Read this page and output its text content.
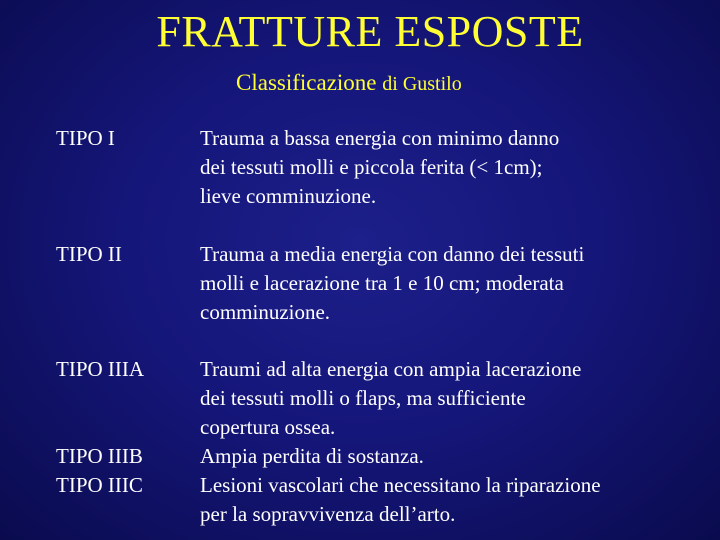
FRATTURE ESPOSTE
Classificazione di Gustilo
TIPO I	Trauma a bassa energia con minimo danno
dei tessuti molli e piccola ferita (< 1cm);
lieve comminuzione.
TIPO II	Trauma a media energia con danno dei tessuti
molli e lacerazione tra 1 e 10 cm; moderata
comminuzione.
TIPO IIIA	Traumi ad alta energia con ampia lacerazione
dei tessuti molli o flaps, ma sufficiente
copertura ossea.
TIPO IIIB	Ampia perdita di sostanza.
TIPO IIIC	Lesioni vascolari che necessitano la riparazione
per la sopravvivenza dell’arto.
